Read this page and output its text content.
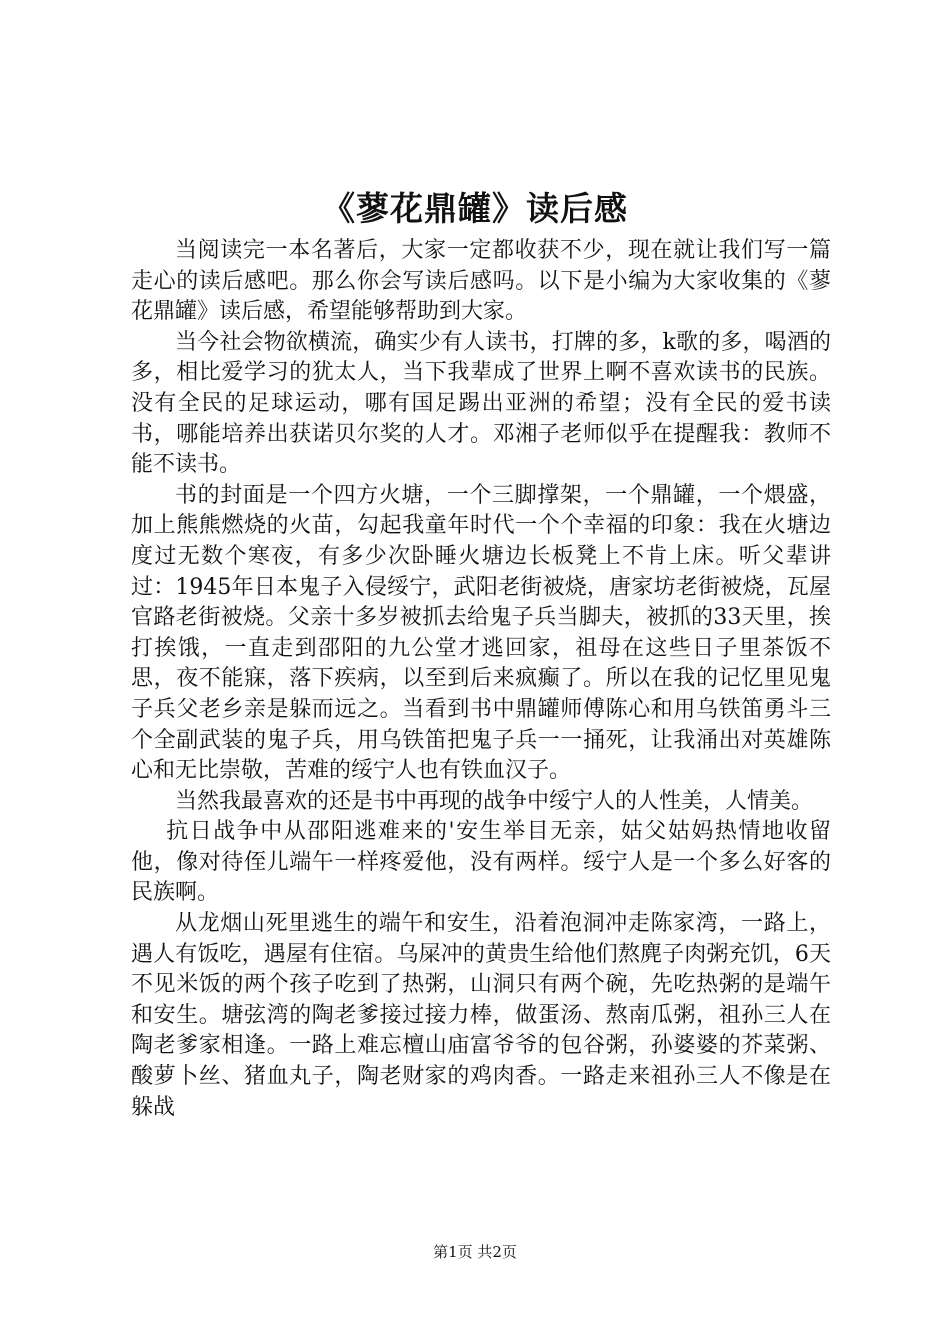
《蓼花鼎罐》读后感

当阅读完一本名著后，大家一定都收获不少，现在就让我们写一篇走心的读后感吧。那么你会写读后感吗。以下是小编为大家收集的《蓼花鼎罐》读后感，希望能够帮助到大家。

当今社会物欲横流，确实少有人读书，打牌的多，k歌的多，喝酒的多，相比爱学习的犹太人，当下我辈成了世界上啊不喜欢读书的民族。没有全民的足球运动，哪有国足踢出亚洲的希望；没有全民的爱书读书，哪能培养出获诺贝尔奖的人才。邓湘子老师似乎在提醒我：教师不能不读书。

书的封面是一个四方火塘，一个三脚撑架，一个鼎罐，一个煨盛，加上熊熊燃烧的火苗，勾起我童年时代一个个幸福的印象：我在火塘边度过无数个寒夜，有多少次卧睡火塘边长板凳上不肯上床。听父辈讲过：1945年日本鬼子入侵绥宁，武阳老街被烧，唐家坊老街被烧，瓦屋官路老街被烧。父亲十多岁被抓去给鬼子兵当脚夫，被抓的33天里，挨打挨饿，一直走到邵阳的九公堂才逃回家，祖母在这些日子里茶饭不思，夜不能寐，落下疾病，以至到后来疯癫了。所以在我的记忆里见鬼子兵父老乡亲是躲而远之。当看到书中鼎罐师傅陈心和用乌铁笛勇斗三个全副武装的鬼子兵，用乌铁笛把鬼子兵一一捅死，让我涌出对英雄陈心和无比崇敬，苦难的绥宁人也有铁血汉子。

当然我最喜欢的还是书中再现的战争中绥宁人的人性美，人情美。

抗日战争中从邵阳逃难来的'安生举目无亲，姑父姑妈热情地收留他，像对待侄儿端午一样疼爱他，没有两样。绥宁人是一个多么好客的民族啊。

从龙烟山死里逃生的端午和安生，沿着泡洞冲走陈家湾，一路上，遇人有饭吃，遇屋有住宿。乌屎冲的黄贵生给他们熬麂子肉粥充饥，6天不见米饭的两个孩子吃到了热粥，山洞只有两个碗，先吃热粥的是端午和安生。塘弦湾的陶老爹接过接力棒，做蛋汤、熬南瓜粥，祖孙三人在陶老爹家相逢。一路上难忘檀山庙富爷爷的包谷粥，孙婆婆的芥菜粥、酸萝卜丝、猪血丸子，陶老财家的鸡肉香。一路走来祖孙三人不像是在躲战

第1页 共2页
